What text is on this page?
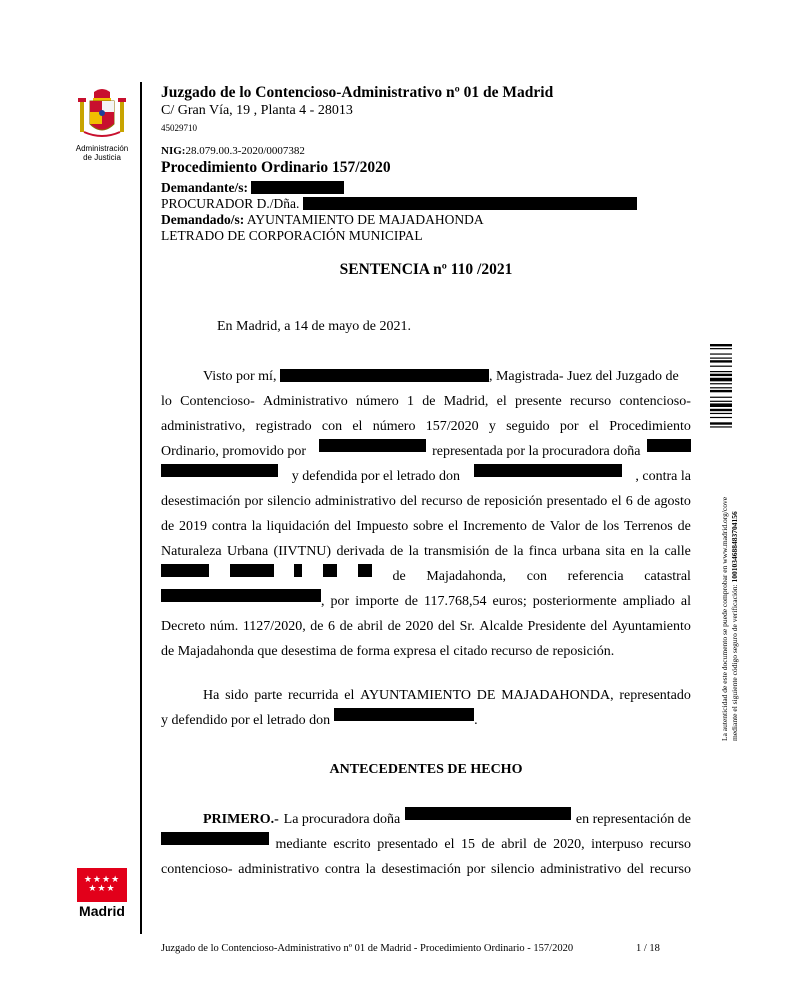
Administración
de Justicia
Juzgado de lo Contencioso-Administrativo nº 01 de Madrid
C/ Gran Vía, 19 , Planta 4 - 28013
45029710
NIG:28.079.00.3-2020/0007382
Procedimiento Ordinario 157/2020
Demandante/s:
PROCURADOR D./Dña.
Demandado/s: AYUNTAMIENTO DE MAJADAHONDA
LETRADO DE CORPORACIÓN MUNICIPAL
SENTENCIA nº 110 /2021
En Madrid, a 14 de mayo de 2021.
Visto por mí,	, Magistrada- Juez del Juzgado de
lo Contencioso- Administrativo número 1 de Madrid, el presente recurso contencioso-
administrativo, registrado con el número 157/2020 y seguido por el Procedimiento
Ordinario, promovido por	representada por la procuradora doña
y defendida por el letrado don	, contra la
desestimación por silencio administrativo del recurso de reposición presentado el 6 de agosto
de 2019 contra la liquidación del Impuesto sobre el Incremento de Valor de los Terrenos de
Naturaleza Urbana (IIVTNU) derivada de la transmisión de la finca urbana sita en la calle
de Majadahonda, con referencia catastral
, por importe de 117.768,54 euros; posteriormente ampliado al
Decreto núm. 1127/2020, de 6 de abril de 2020 del Sr. Alcalde Presidente del Ayuntamiento
de Majadahonda que desestima de forma expresa el citado recurso de reposición.
Ha sido parte recurrida el AYUNTAMIENTO DE MAJADAHONDA, representado
y defendido por el letrado don	.
ANTECEDENTES DE HECHO
PRIMERO.- La procuradora doña	en representación de
mediante escrito presentado el 15 de abril de 2020, interpuso recurso
contencioso- administrativo contra la desestimación por silencio administrativo del recurso
La autenticidad de este documento se puede comprobar en www.madrid.org/cove mediante el siguiente código seguro de verificación: 1001034688483704156
★★★★ ★★★
Madrid
Juzgado de lo Contencioso-Administrativo nº 01 de Madrid - Procedimiento Ordinario - 157/2020	1 / 18
